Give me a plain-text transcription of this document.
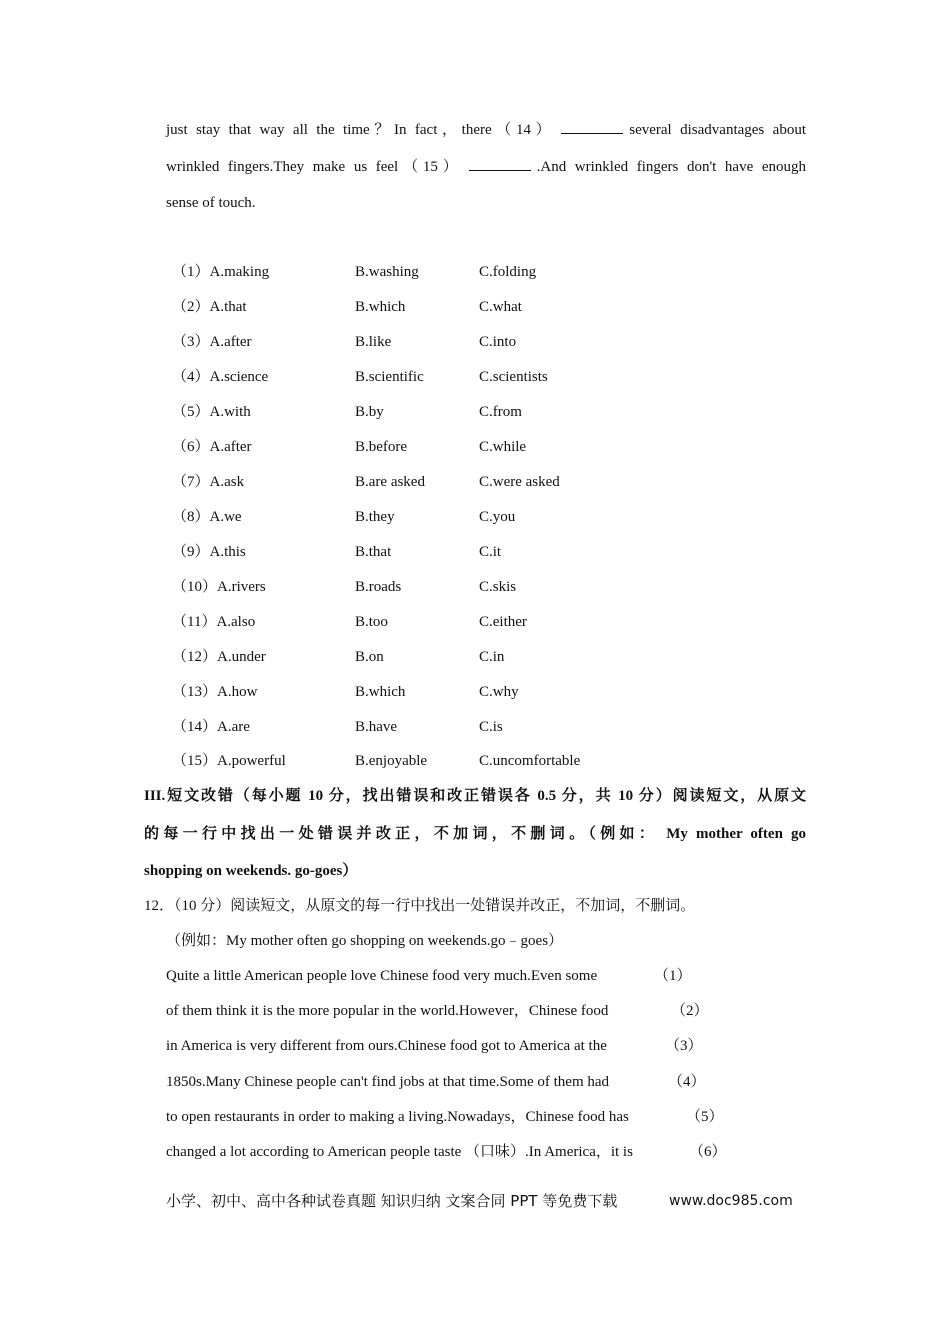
just stay that way all the time？In fact，there（14）	several disadvantages about
wrinkled fingers.They make us feel（15）	.And wrinkled fingers don't have enough
sense of touch.
（1）A.making	B.washing	C.folding
（2）A.that	B.which	C.what
（3）A.after	B.like	C.into
（4）A.science	B.scientific	C.scientists
（5）A.with	B.by	C.from
（6）A.after	B.before	C.while
（7）A.ask	B.are asked	C.were asked
（8）A.we	B.they	C.you
（9）A.this	B.that	C.it
（10）A.rivers	B.roads	C.skis
（11）A.also	B.too	C.either
（12）A.under	B.on	C.in
（13）A.how	B.which	C.why
（14）A.are	B.have	C.is
（15）A.powerful	B.enjoyable	C.uncomfortable
III.短文改错（每小题 10 分，找出错误和改正错误各 0.5 分，共 10 分）阅读短文，从原文
的每一行中找出一处错误并改正，不加词，不删词。（例如： My mother often go
shopping on weekends. go-goes）
12．（10 分）阅读短文，从原文的每一行中找出一处错误并改正，不加词，不删词。
（例如：My mother often go shopping on weekends.go﹣goes）
Quite a little American people love Chinese food very much.Even some	（1）
of them think it is the more popular in the world.However，Chinese food	（2）
in America is very different from ours.Chinese food got to America at the	（3）
1850s.Many Chinese people can't find jobs at that time.Some of them had	（4）
to open restaurants in order to making a living.Nowadays，Chinese food has	（5）
changed a lot according to American people taste （口味）.In America，it is	（6）
小学、初中、高中各种试卷真题 知识归纳 文案合同 PPT 等免费下载	www.doc985.com
